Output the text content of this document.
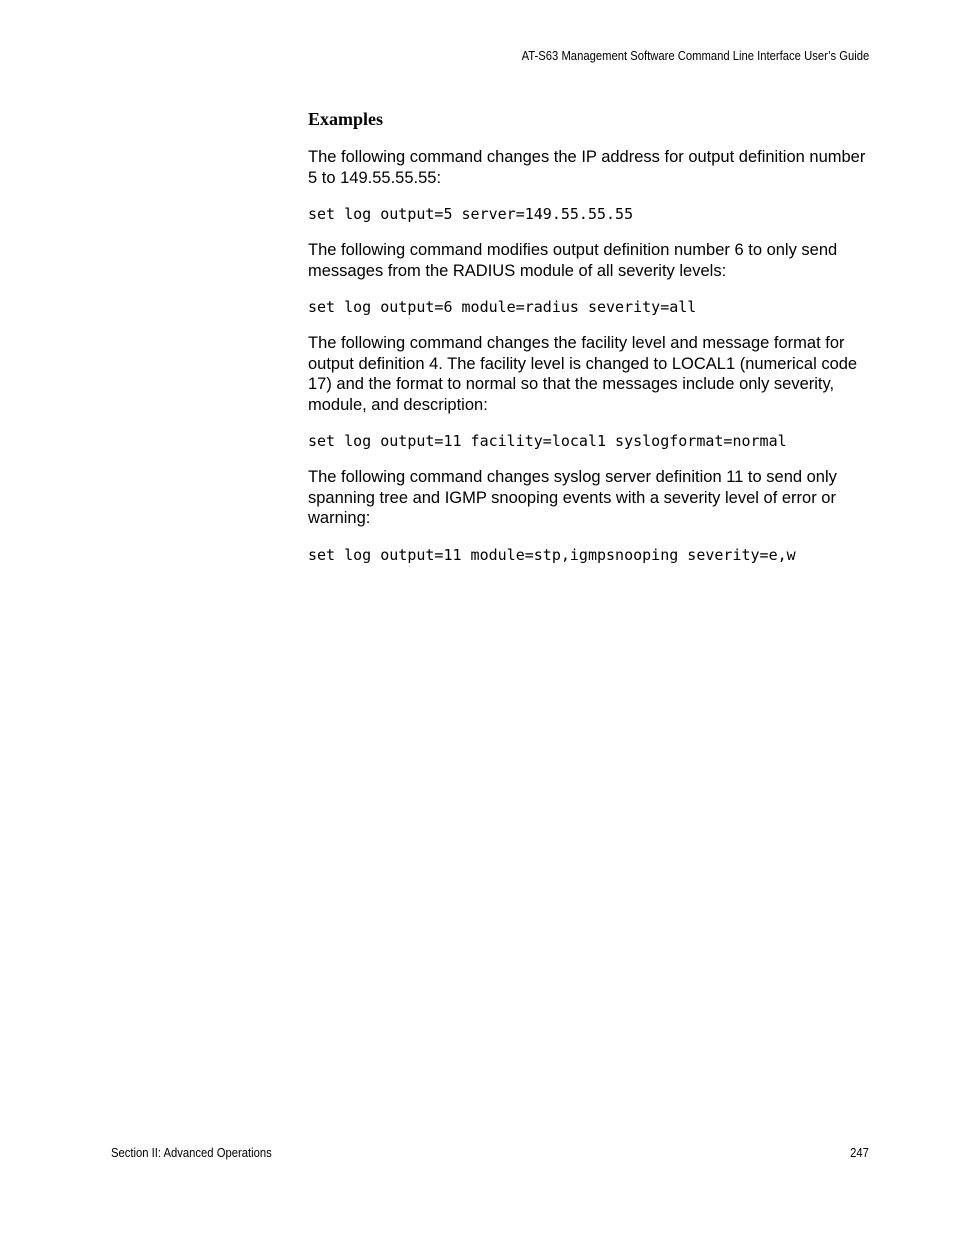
AT-S63 Management Software Command Line Interface User’s Guide
Examples

The following command changes the IP address for output definition number 5 to 149.55.55.55:

set log output=5 server=149.55.55.55

The following command modifies output definition number 6 to only send messages from the RADIUS module of all severity levels:

set log output=6 module=radius severity=all

The following command changes the facility level and message format for output definition 4. The facility level is changed to LOCAL1 (numerical code 17) and the format to normal so that the messages include only severity, module, and description:

set log output=11 facility=local1 syslogformat=normal

The following command changes syslog server definition 11 to send only spanning tree and IGMP snooping events with a severity level of error or warning:

set log output=11 module=stp,igmpsnooping severity=e,w
Section II: Advanced Operations	247
